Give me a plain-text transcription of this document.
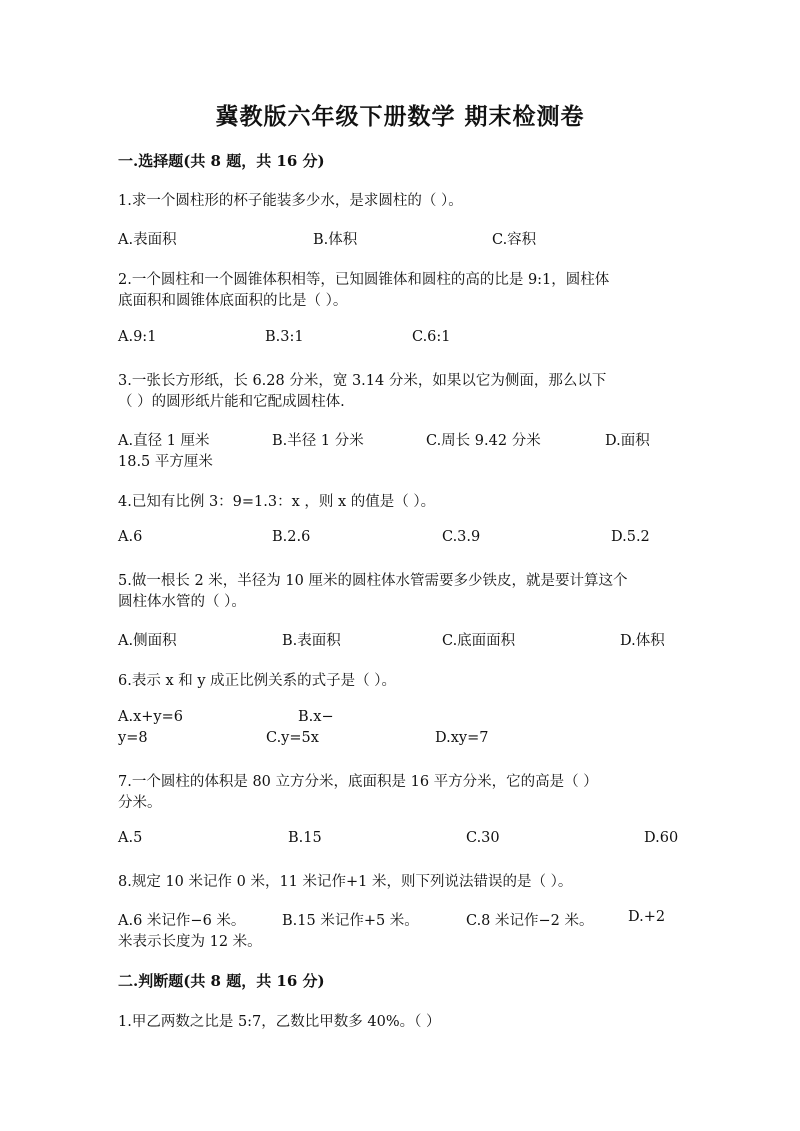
冀教版六年级下册数学 期末检测卷
一.选择题(共 8 题，共 16 分)
1.求一个圆柱形的杯子能装多少水，是求圆柱的（ ）。
A.表面积	B.体积	C.容积
2.一个圆柱和一个圆锥体积相等，已知圆锥体和圆柱的高的比是 9:1，圆柱体
底面积和圆锥体底面积的比是（ ）。
A.9:1	B.3:1	C.6:1
3.一张长方形纸，长 6.28 分米，宽 3.14 分米，如果以它为侧面，那么以下
（ ）的圆形纸片能和它配成圆柱体.
A.直径 1 厘米	B.半径 1 分米	C.周长 9.42 分米	D.面积
18.5 平方厘米
4.已知有比例 3：9=1.3：x ，则 x 的值是（ ）。
A.6	B.2.6	C.3.9	D.5.2
5.做一根长 2 米，半径为 10 厘米的圆柱体水管需要多少铁皮，就是要计算这个
圆柱体水管的（ ）。
A.侧面积	B.表面积	C.底面面积	D.体积
6.表示 x 和 y 成正比例关系的式子是（ ）。
A.x+y=6	B.x−
y=8	C.y=5x	D.xy=7
7.一个圆柱的体积是 80 立方分米，底面积是 16 平方分米，它的高是（ ）
分米。
A.5	B.15	C.30	D.60
8.规定 10 米记作 0 米，11 米记作+1 米，则下列说法错误的是（ ）。
A.6 米记作−6 米。	B.15 米记作+5 米。	C.8 米记作−2 米。 D.+2
米表示长度为 12 米。
二.判断题(共 8 题，共 16 分)
1.甲乙两数之比是 5:7，乙数比甲数多 40%。（ ）
